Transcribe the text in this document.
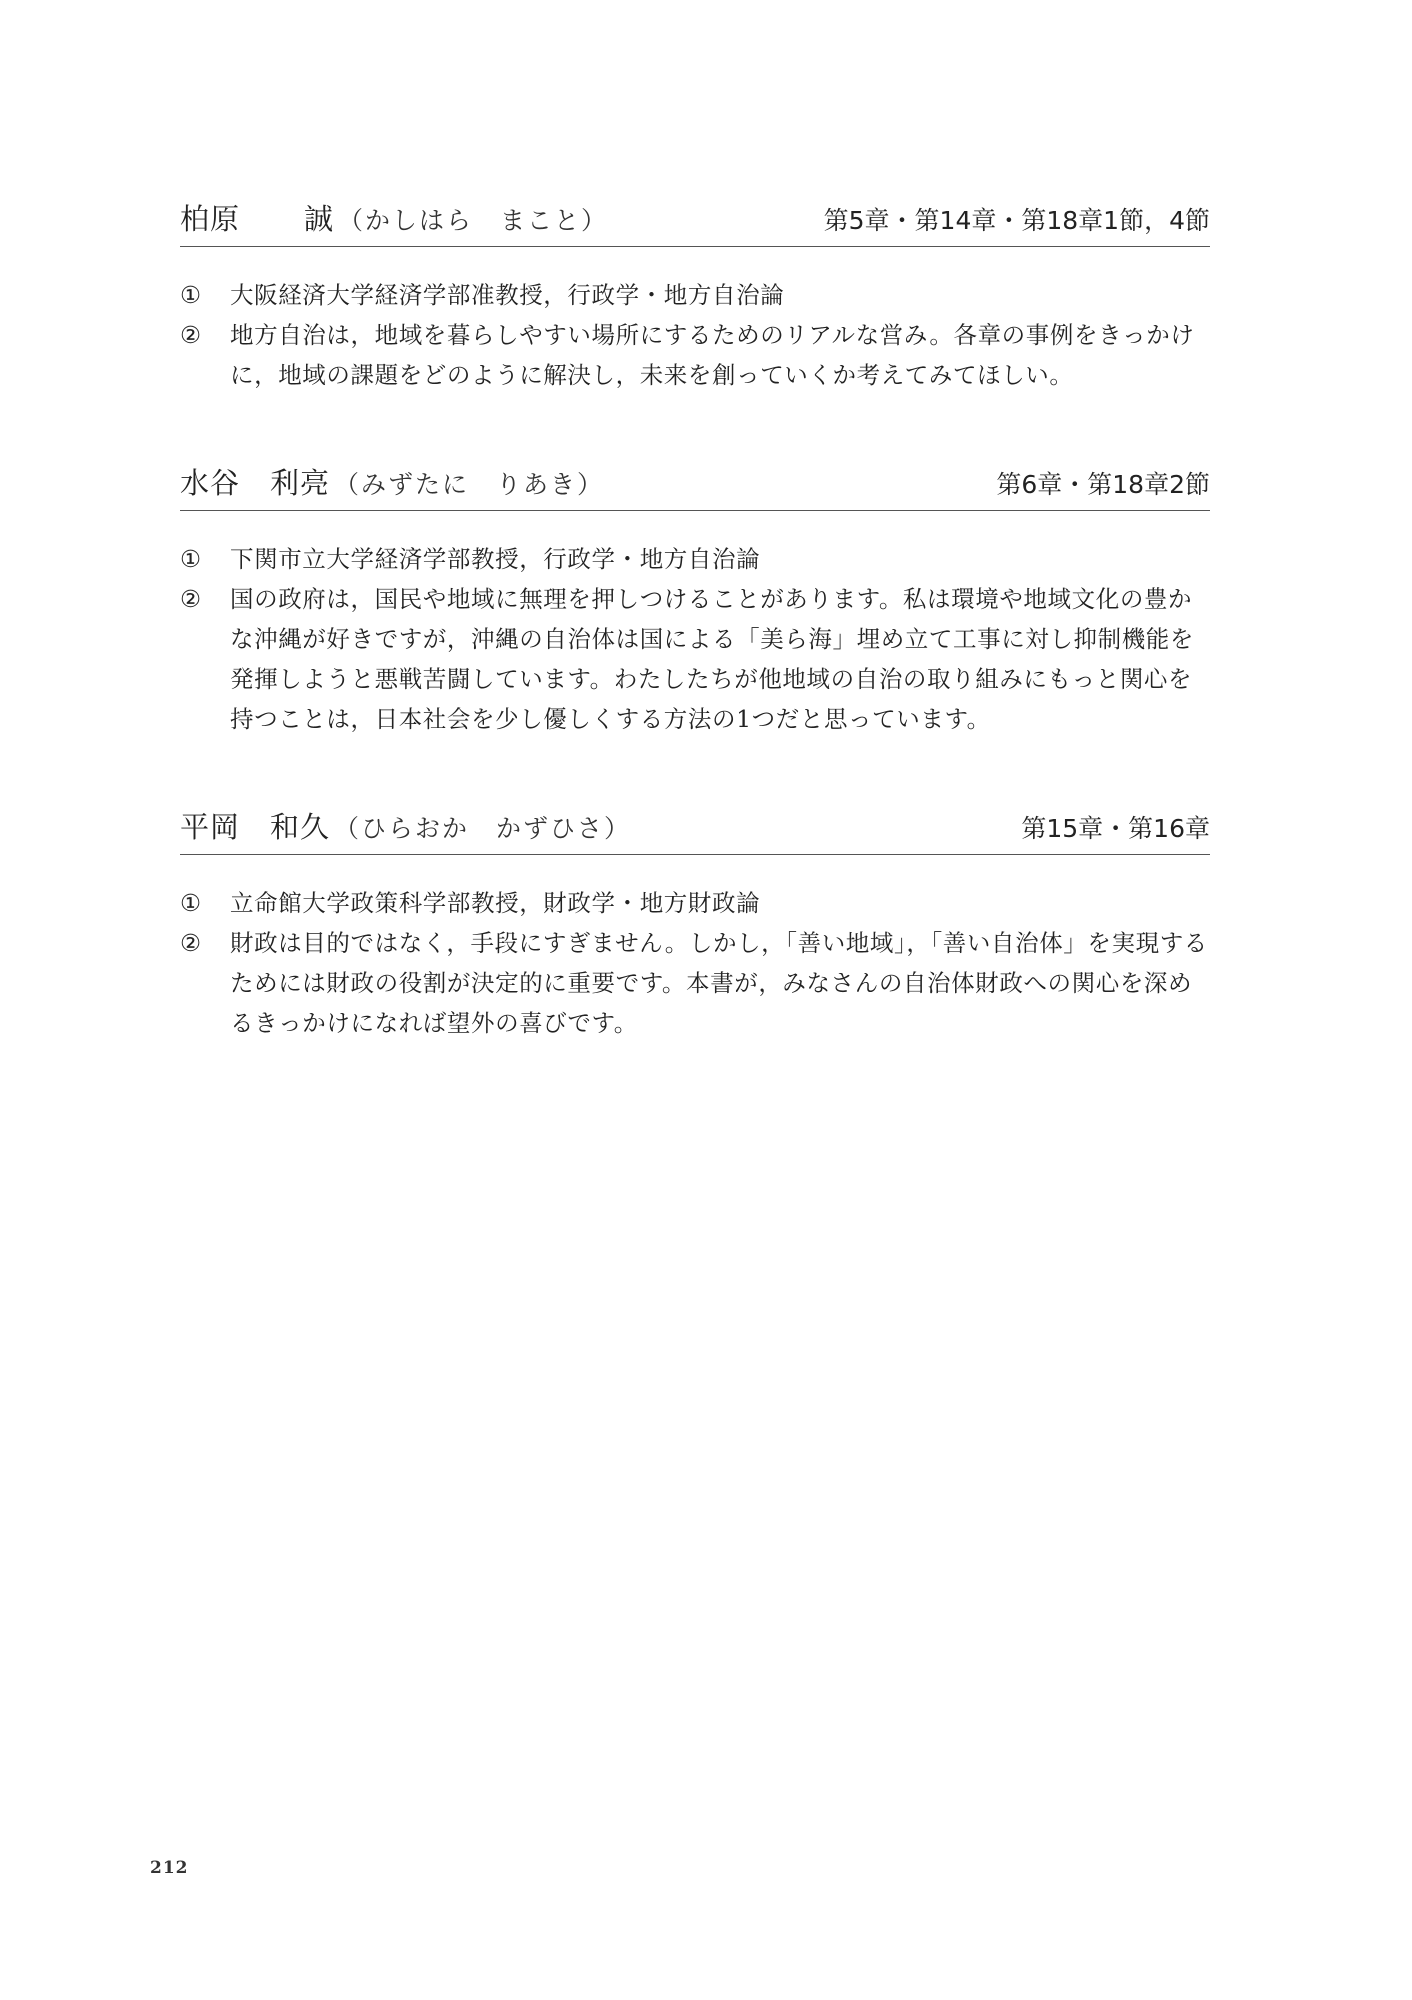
柏原 誠 （かしはら　まこと）	第5章・第14章・第18章1節，4節
① 大阪経済大学経済学部准教授，行政学・地方自治論
② 地方自治は，地域を暮らしやすい場所にするためのリアルな営み。各章の事例をきっかけに，地域の課題をどのように解決し，未来を創っていくか考えてみてほしい。
水谷 利亮 （みずたに　りあき）	第6章・第18章2節
① 下関市立大学経済学部教授，行政学・地方自治論
② 国の政府は，国民や地域に無理を押しつけることがあります。私は環境や地域文化の豊かな沖縄が好きですが，沖縄の自治体は国による「美ら海」埋め立て工事に対し抑制機能を発揮しようと悪戦苦闘しています。わたしたちが他地域の自治の取り組みにもっと関心を持つことは，日本社会を少し優しくする方法の1つだと思っています。
平岡 和久 （ひらおか　かずひさ）	第15章・第16章
① 立命館大学政策科学部教授，財政学・地方財政論
② 財政は目的ではなく，手段にすぎません。しかし，「善い地域」，「善い自治体」を実現するためには財政の役割が決定的に重要です。本書が，みなさんの自治体財政への関心を深めるきっかけになれば望外の喜びです。
212
